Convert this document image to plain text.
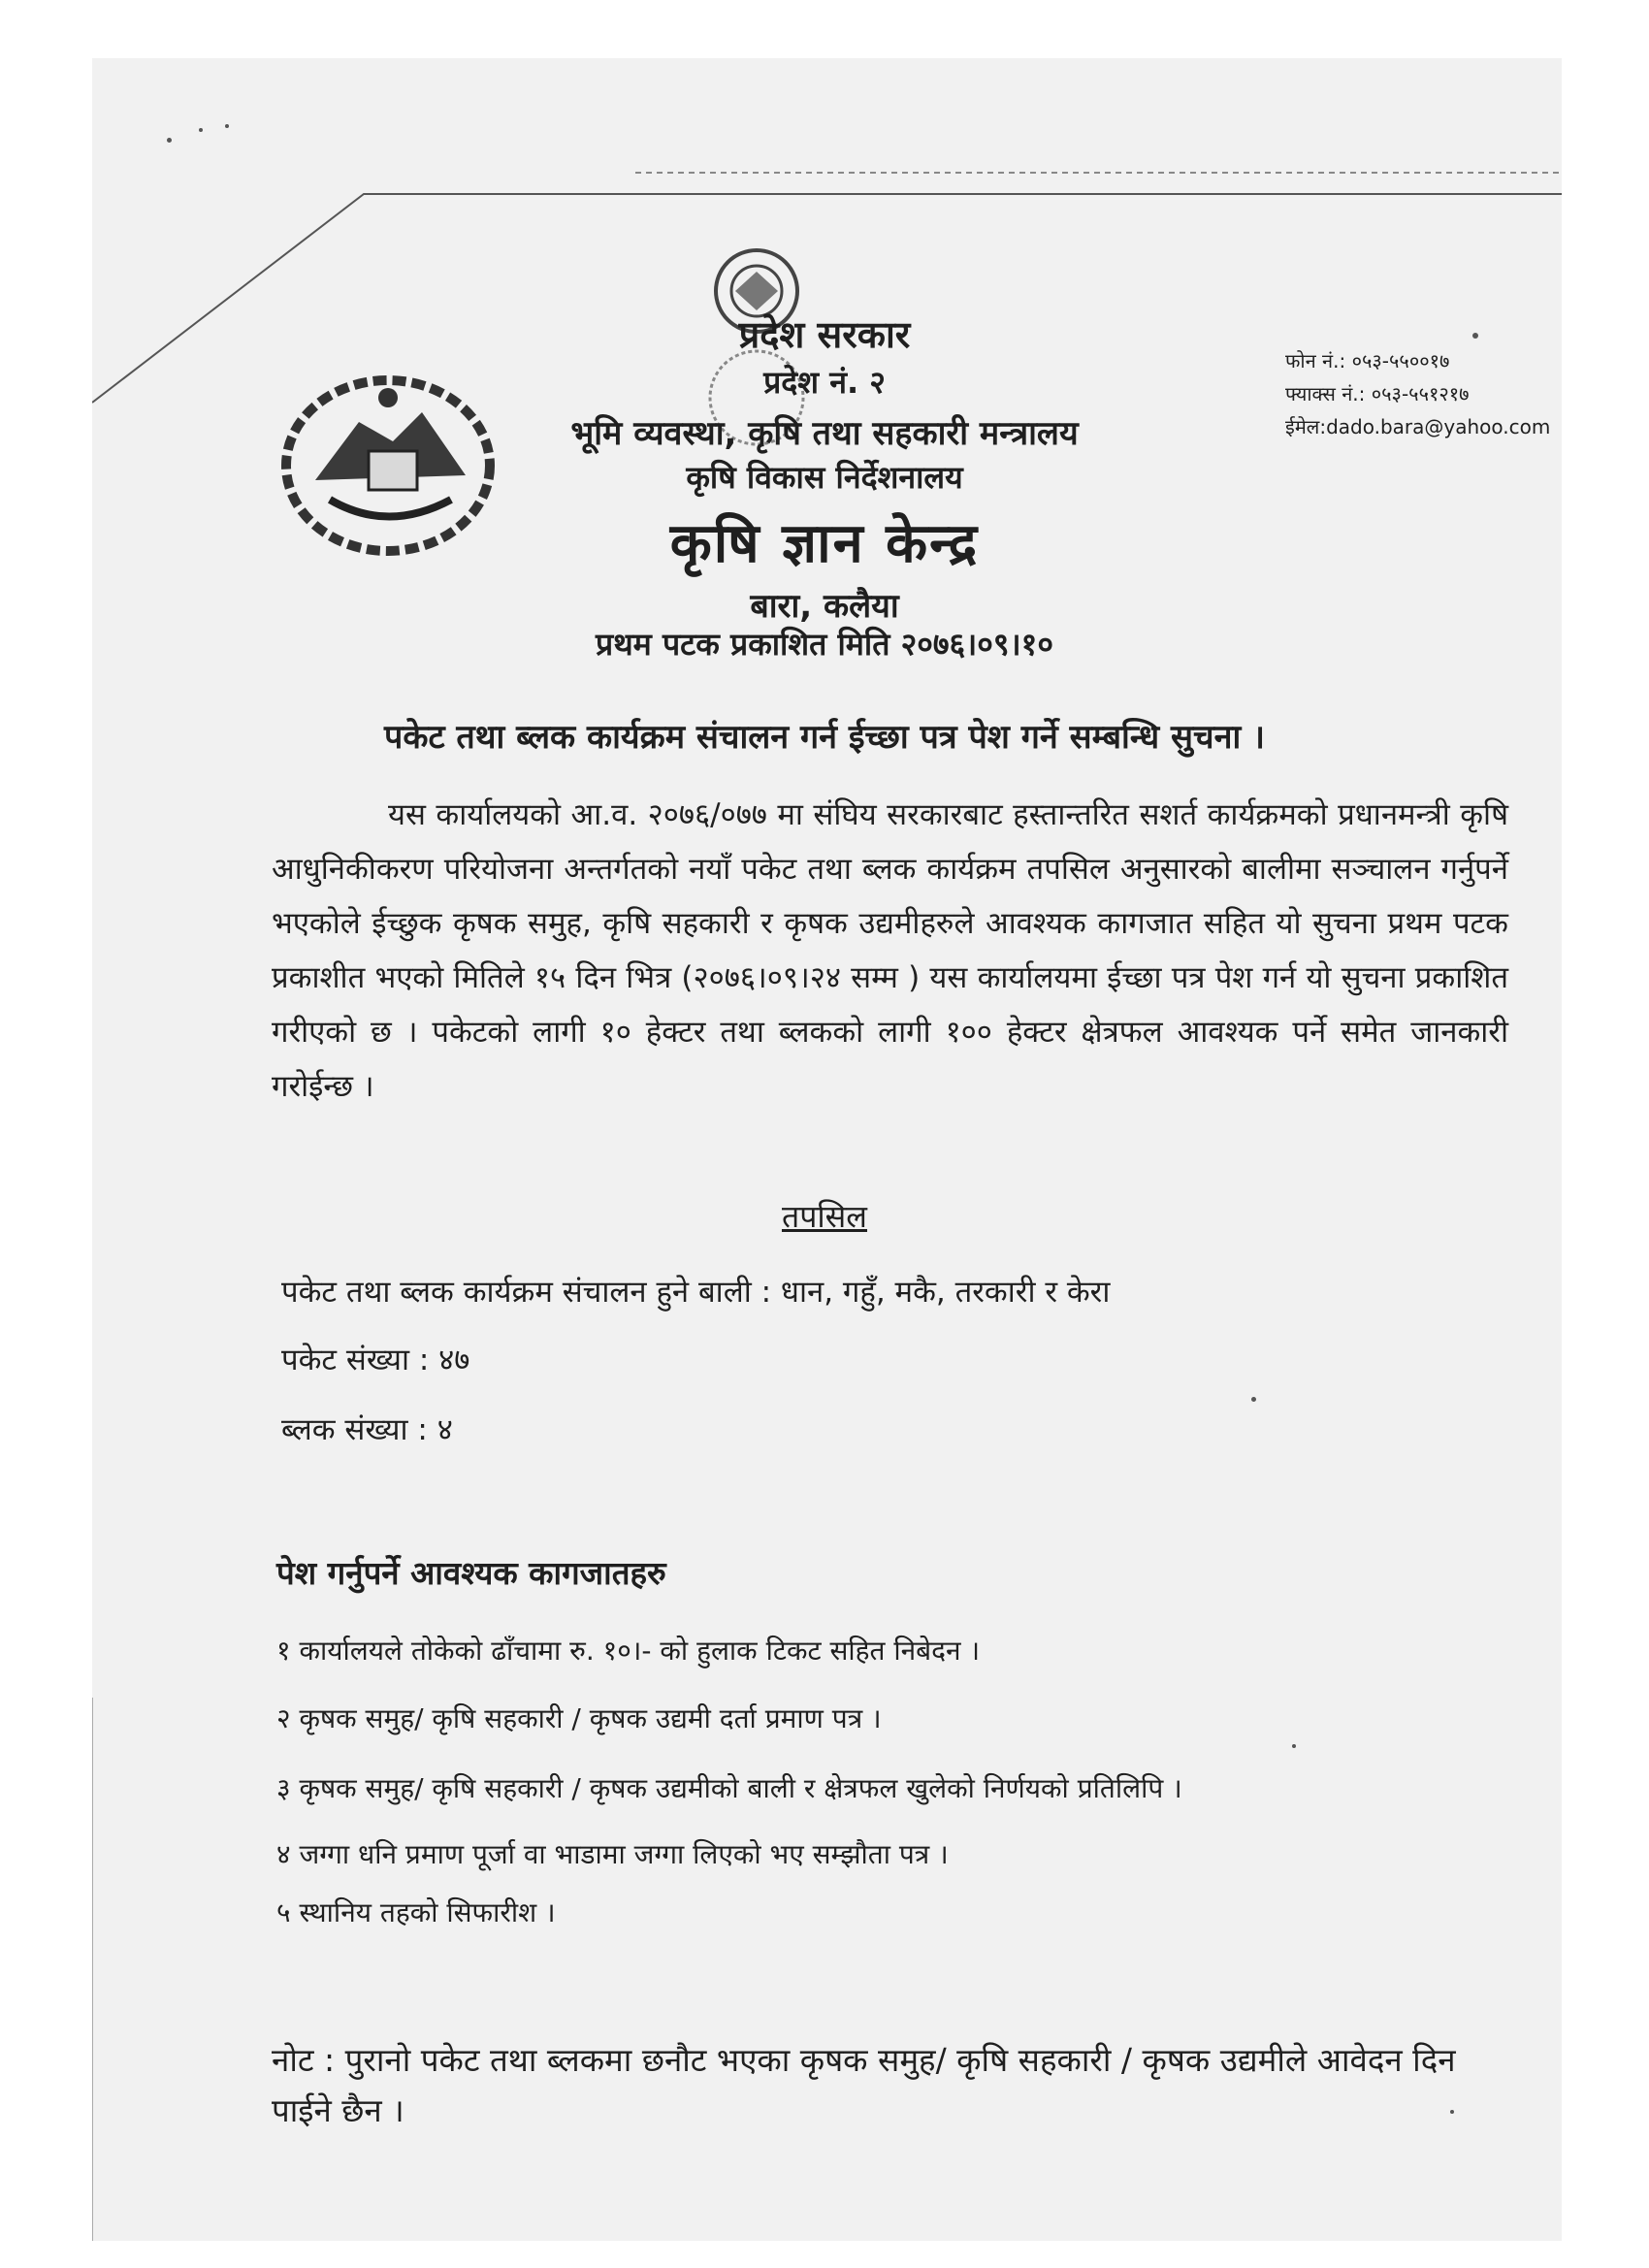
प्रदेश सरकार
प्रदेश नं. २
भूमि व्यवस्था, कृषि तथा सहकारी मन्त्रालय
कृषि विकास निर्देशनालय
कृषि ज्ञान केन्द्र
बारा, कलैया
प्रथम पटक प्रकाशित मिति २०७६।०९।१०
फोन नं.: ०५३-५५००१७
फ्याक्स नं.: ०५३-५५१२१७
ईमेल:dado.bara@yahoo.com
पकेट तथा ब्लक कार्यक्रम संचालन गर्न ईच्छा पत्र पेश गर्ने सम्बन्धि सुचना ।
यस कार्यालयको आ.व. २०७६/०७७ मा संघिय सरकारबाट हस्तान्तरित सशर्त कार्यक्रमको प्रधानमन्त्री कृषि आधुनिकीकरण परियोजना अन्तर्गतको नयाँ पकेट तथा ब्लक कार्यक्रम तपसिल अनुसारको बालीमा सञ्चालन गर्नुपर्ने भएकोले ईच्छुक कृषक समुह, कृषि सहकारी र कृषक उद्यमीहरुले आवश्यक कागजात सहित यो सुचना प्रथम पटक प्रकाशीत भएको मितिले १५ दिन भित्र (२०७६।०९।२४ सम्म ) यस कार्यालयमा ईच्छा पत्र पेश गर्न यो सुचना प्रकाशित गरीएको छ । पकेटको लागी १० हेक्टर तथा ब्लकको लागी १०० हेक्टर क्षेत्रफल आवश्यक पर्ने समेत जानकारी गरोईन्छ ।
तपसिल
पकेट तथा ब्लक कार्यक्रम संचालन हुने बाली : धान, गहुँ, मकै, तरकारी र केरा
पकेट संख्या : ४७
ब्लक संख्या : ४
पेश गर्नुपर्ने आवश्यक कागजातहरु
१ कार्यालयले तोकेको ढाँचामा रु. १०।- को हुलाक टिकट सहित निबेदन ।
२ कृषक समुह/ कृषि सहकारी / कृषक उद्यमी दर्ता प्रमाण पत्र ।
३ कृषक समुह/ कृषि सहकारी / कृषक उद्यमीको बाली र क्षेत्रफल खुलेको निर्णयको प्रतिलिपि ।
४ जग्गा धनि प्रमाण पूर्जा वा भाडामा जग्गा लिएको भए सम्झौता पत्र ।
५ स्थानिय तहको सिफारीश ।
नोट : पुरानो पकेट तथा ब्लकमा छनौट भएका कृषक समुह/ कृषि सहकारी / कृषक उद्यमीले आवेदन दिन पाईने छैन ।
